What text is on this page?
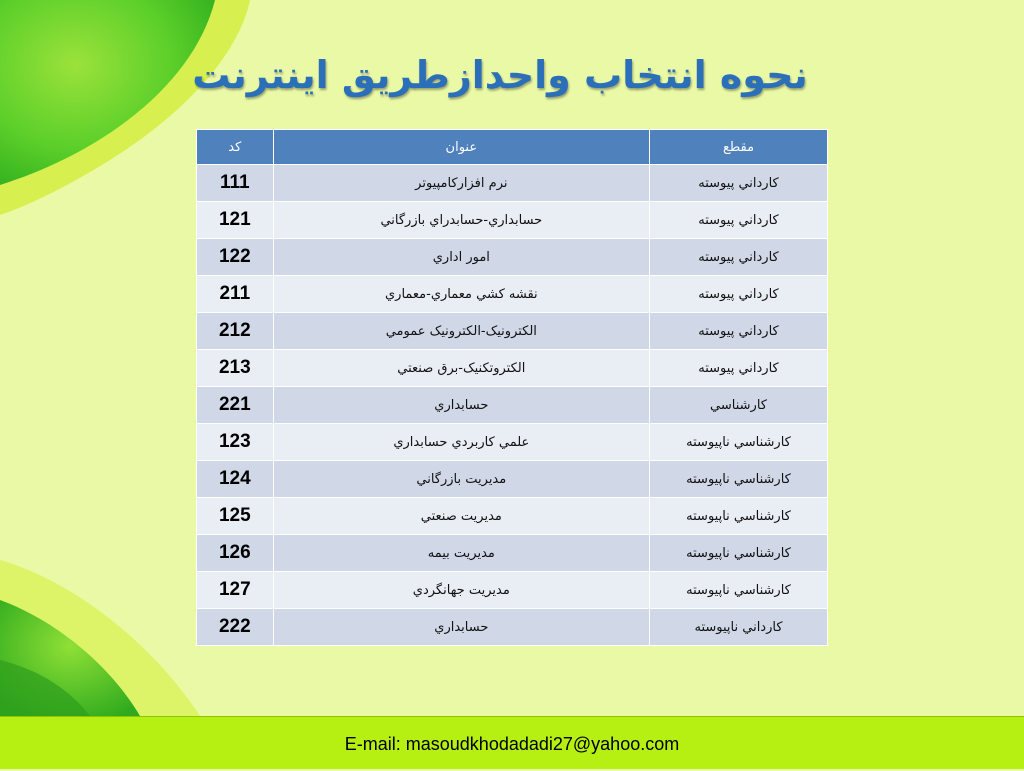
نحوه انتخاب واحدازطريق اينترنت
کد	عنوان	مقطع
111	نرم افزارکامپيوتر	كارداني پيوسته
121	حسابداري-حسابدراي بازرگاني	كارداني پيوسته
122	امور اداري	كارداني پيوسته
211	نقشه كشي معماري-معماري	كارداني پيوسته
212	الكترونيک-الكترونيک عمومي	كارداني پيوسته
213	الكتروتكنيک-برق صنعتي	كارداني پيوسته
221	حسابداري	كارشناسي
123	علمي كاربردي حسابداري	كارشناسي ناپيوسته
124	مديريت بازرگاني	كارشناسي ناپيوسته
125	مديريت صنعتي	كارشناسي ناپيوسته
126	مديريت بيمه	كارشناسي ناپيوسته
127	مديريت جهانگردي	كارشناسي ناپيوسته
222	حسابداري	كارداني ناپيوسته
E-mail: masoudkhodadadi27@yahoo.com
